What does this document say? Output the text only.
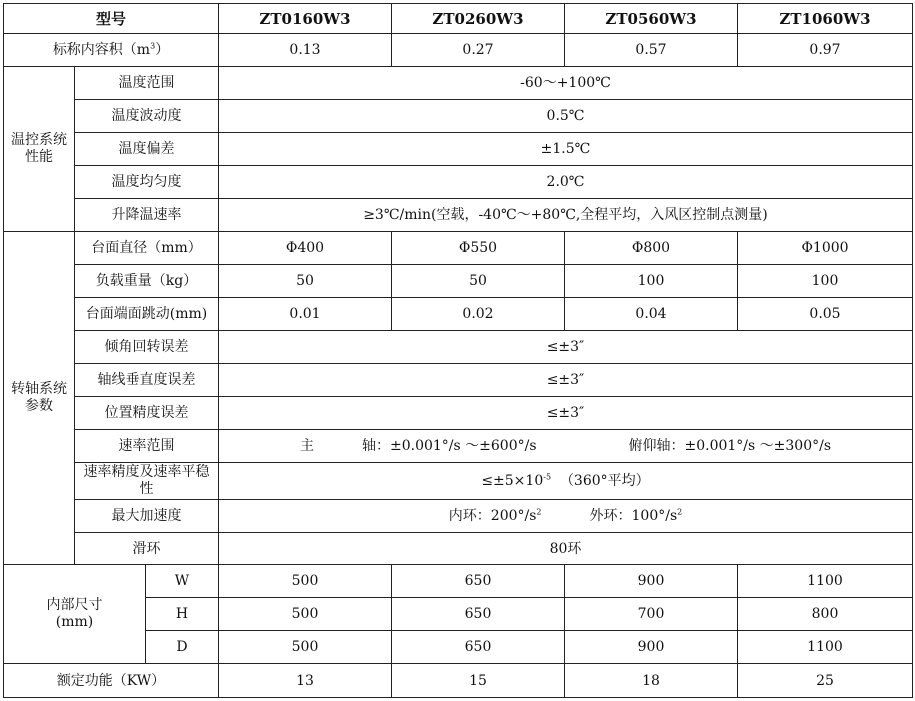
型号			ZT0160W3	ZT0260W3	ZT0560W3	ZT1060W3
标称内容积$(m^3)$			0.13	0.27	0.57	0.97
温控系统性能	温度范围		-60～+100℃			
	温度波动度		0.5℃			
	温度偏差		±1.5℃			
	温度均匀度		2.0℃			
	升降温速率		≥3℃/min(空载，-40℃～+80℃,全程平均，入风区控制点测量)			
转轴系统参数	台面直径（mm）		Φ400	Φ550	Φ800	Φ1000
	负载重量（kg）		50	50	100	100
	台面端面跳动(mm)		0.01	0.02	0.04	0.05
	倾角回转误差		≤±3″			
	轴线垂直度误差		≤±3″			
	位置精度误差		≤±3″			
	速率范围		主 轴：±0.001°/s ～±600°/s 俯仰轴：±0.001°/s ～±300°/s			
	速率精度及速率平稳性		$\le\pm 5\times 10^{-5}$ （360°平均）			
	最大加速度		内环：$200^\circ/s^2$ 外环：$100^\circ/s^2$
	滑环		80环			
内部尺寸
(mm)		W	500	650	900	1100
		H	500	650	700	800
		D	500	650	900	1100
额定功能（KW）			13	15	18	25
